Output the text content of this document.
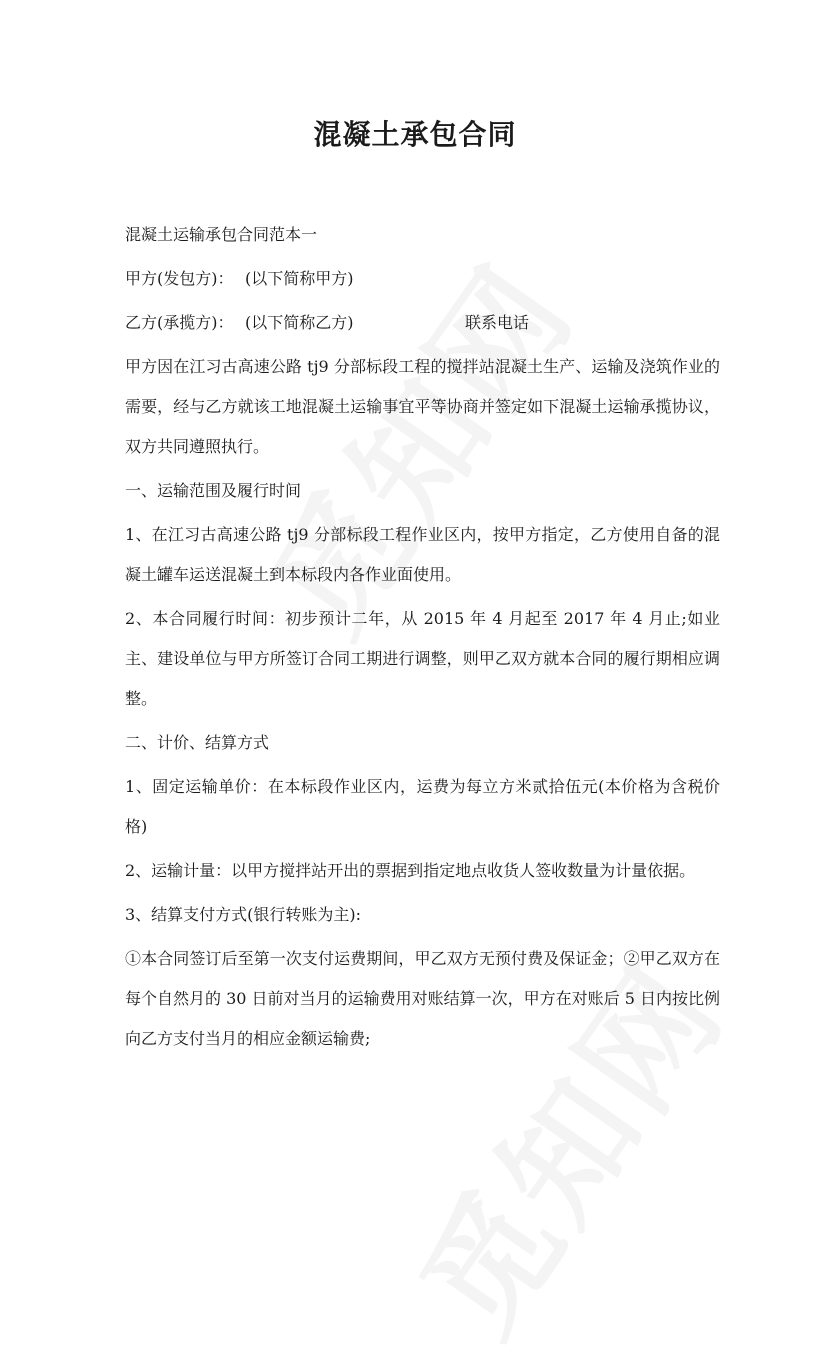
混凝土承包合同

混凝土运输承包合同范本一

甲方(发包方)： (以下简称甲方)

乙方(承揽方)： (以下简称乙方)	联系电话

甲方因在江习古高速公路 tj9 分部标段工程的搅拌站混凝土生产、运输及浇筑作业的需要，经与乙方就该工地混凝土运输事宜平等协商并签定如下混凝土运输承揽协议，双方共同遵照执行。

一、运输范围及履行时间

1、在江习古高速公路 tj9 分部标段工程作业区内，按甲方指定，乙方使用自备的混凝土罐车运送混凝土到本标段内各作业面使用。

2、本合同履行时间：初步预计二年，从 2015 年 4 月起至 2017 年 4 月止;如业主、建设单位与甲方所签订合同工期进行调整，则甲乙双方就本合同的履行期相应调整。

二、计价、结算方式

1、固定运输单价：在本标段作业区内，运费为每立方米贰拾伍元(本价格为含税价格)

2、运输计量：以甲方搅拌站开出的票据到指定地点收货人签收数量为计量依据。

3、结算支付方式(银行转账为主):

①本合同签订后至第一次支付运费期间，甲乙双方无预付费及保证金；②甲乙双方在每个自然月的 30 日前对当月的运输费用对账结算一次，甲方在对账后 5 日内按比例向乙方支付当月的相应金额运输费;
